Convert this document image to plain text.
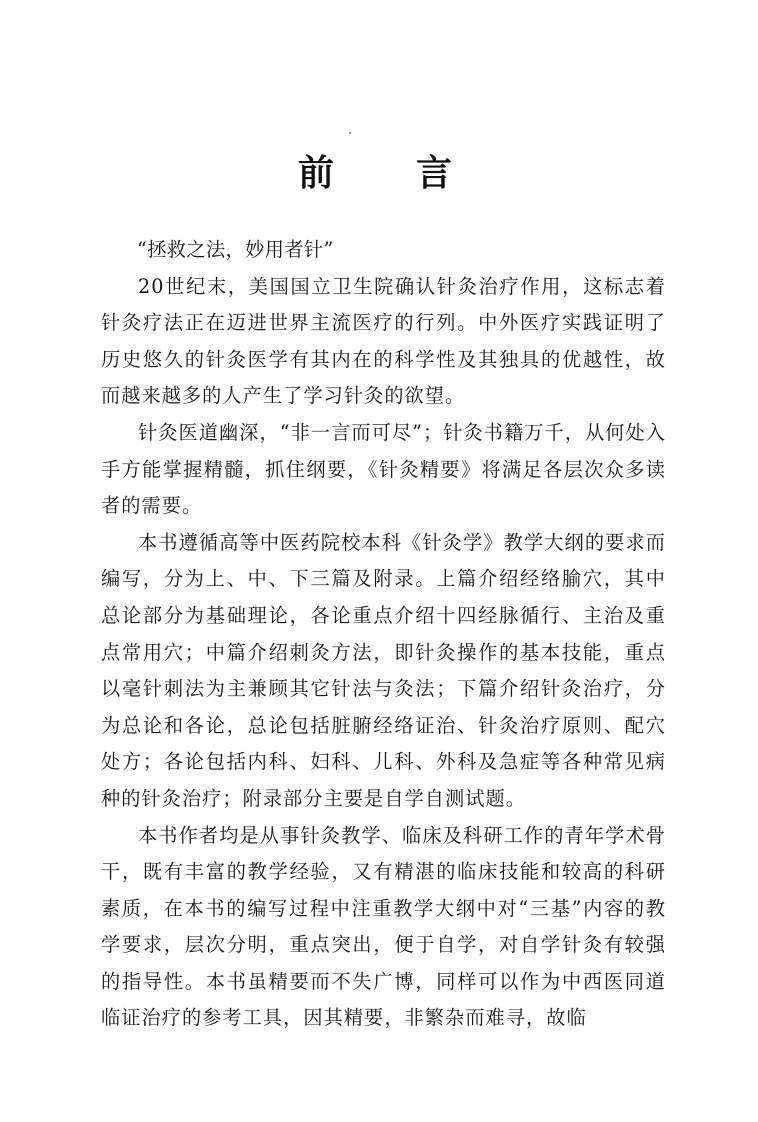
前 言

“拯救之法，妙用者针”

20世纪末，美国国立卫生院确认针灸治疗作用，这标志着针灸疗法正在迈进世界主流医疗的行列。中外医疗实践证明了历史悠久的针灸医学有其内在的科学性及其独具的优越性，故而越来越多的人产生了学习针灸的欲望。

针灸医道幽深，“非一言而可尽”；针灸书籍万千，从何处入手方能掌握精髓，抓住纲要，《针灸精要》将满足各层次众多读者的需要。

本书遵循高等中医药院校本科《针灸学》教学大纲的要求而编写，分为上、中、下三篇及附录。上篇介绍经络腧穴，其中总论部分为基础理论，各论重点介绍十四经脉循行、主治及重点常用穴；中篇介绍刺灸方法，即针灸操作的基本技能，重点以毫针刺法为主兼顾其它针法与灸法；下篇介绍针灸治疗，分为总论和各论，总论包括脏腑经络证治、针灸治疗原则、配穴处方；各论包括内科、妇科、儿科、外科及急症等各种常见病种的针灸治疗；附录部分主要是自学自测试题。

本书作者均是从事针灸教学、临床及科研工作的青年学术骨干，既有丰富的教学经验，又有精湛的临床技能和较高的科研素质，在本书的编写过程中注重教学大纲中对“三基”内容的教学要求，层次分明，重点突出，便于自学，对自学针灸有较强的指导性。本书虽精要而不失广博，同样可以作为中西医同道临证治疗的参考工具，因其精要，非繁杂而难寻，故临
